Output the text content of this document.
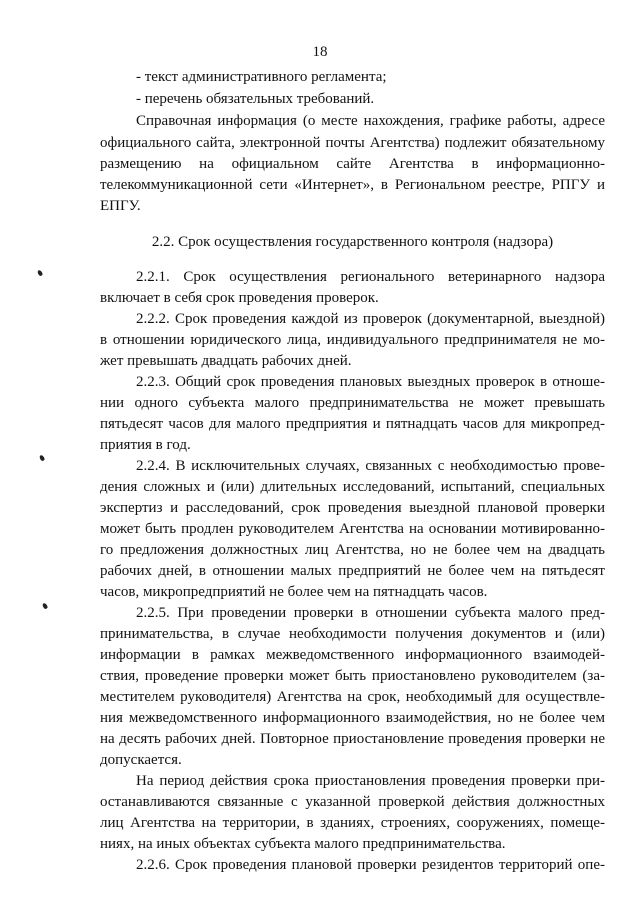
18
- текст административного регламента;
- перечень обязательных требований.
Справочная информация (о месте нахождения, графике работы, адресе
официального сайта, электронной почты Агентства) подлежит обязательному
размещению на официальном сайте Агентства в информационно-
телекоммуникационной сети «Интернет», в Региональном реестре, РПГУ и
ЕПГУ.
2.2. Срок осуществления государственного контроля (надзора)
2.2.1. Срок осуществления регионального ветеринарного надзора
включает в себя срок проведения проверок.
2.2.2. Срок проведения каждой из проверок (документарной, выездной)
в отношении юридического лица, индивидуального предпринимателя не мо-
жет превышать двадцать рабочих дней.
2.2.3. Общий срок проведения плановых выездных проверок в отноше-
нии одного субъекта малого предпринимательства не может превышать
пятьдесят часов для малого предприятия и пятнадцать часов для микропред-
приятия в год.
2.2.4. В исключительных случаях, связанных с необходимостью прове-
дения сложных и (или) длительных исследований, испытаний, специальных
экспертиз и расследований, срок проведения выездной плановой проверки
может быть продлен руководителем Агентства на основании мотивированно-
го предложения должностных лиц Агентства, но не более чем на двадцать
рабочих дней, в отношении малых предприятий не более чем на пятьдесят
часов, микропредприятий не более чем на пятнадцать часов.
2.2.5. При проведении проверки в отношении субъекта малого пред-
принимательства, в случае необходимости получения документов и (или)
информации в рамках межведомственного информационного взаимодей-
ствия, проведение проверки может быть приостановлено руководителем (за-
местителем руководителя) Агентства на срок, необходимый для осуществле-
ния межведомственного информационного взаимодействия, но не более чем
на десять рабочих дней. Повторное приостановление проведения проверки не
допускается.
На период действия срока приостановления проведения проверки при-
останавливаются связанные с указанной проверкой действия должностных
лиц Агентства на территории, в зданиях, строениях, сооружениях, помеще-
ниях, на иных объектах субъекта малого предпринимательства.
2.2.6. Срок проведения плановой проверки резидентов территорий опе-
